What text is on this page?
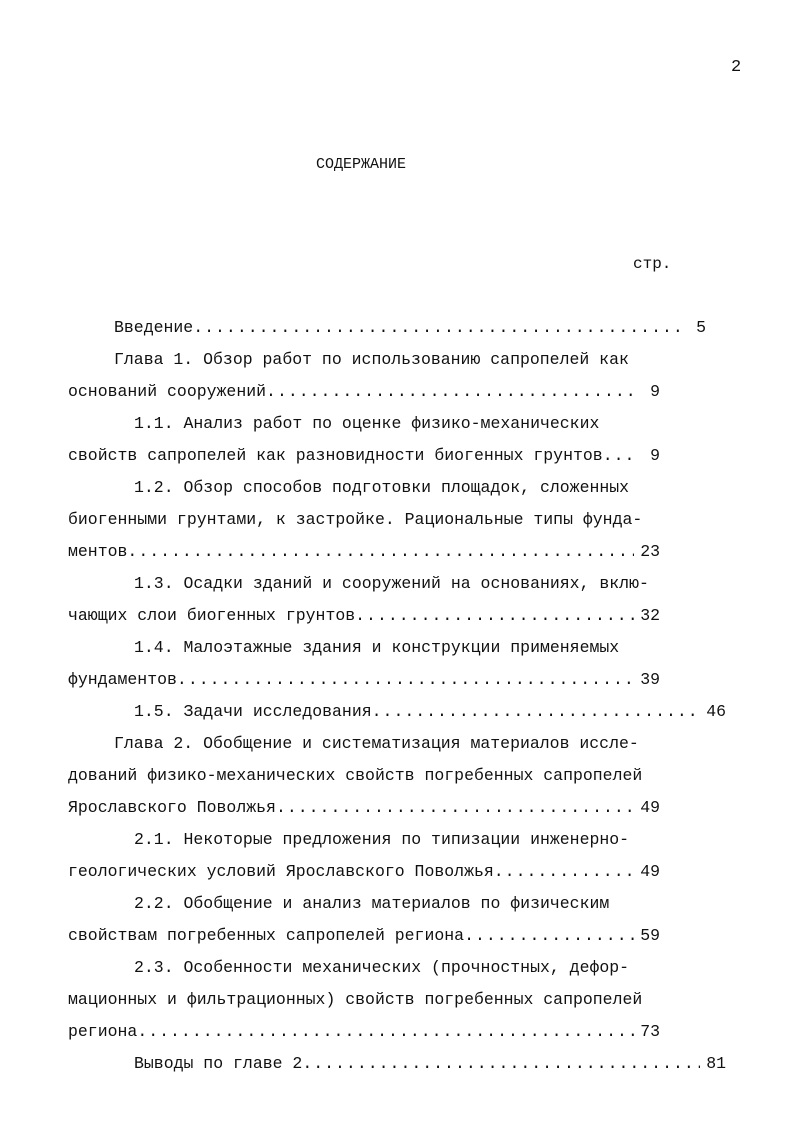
2
СОДЕРЖАНИЕ
стр.
Введение .....	5
Глава 1. Обзор работ по использованию сапропелей как
оснований сооружений .....	9
1.1. Анализ работ по оценке физико-механических
свойств сапропелей как разновидности биогенных грунтов .....	9
1.2. Обзор способов подготовки площадок, сложенных
биогенными грунтами, к застройке. Рациональные типы фунда-
ментов .....	23
1.3. Осадки зданий и сооружений на основаниях, вклю-
чающих слои биогенных грунтов .....	32
1.4. Малоэтажные здания и конструкции применяемых
фундаментов .....	39
1.5. Задачи исследования .....	46
Глава 2. Обобщение и систематизация материалов иссле-
дований физико-механических свойств погребенных сапропелей
Ярославского Поволжья .....	49
2.1. Некоторые предложения по типизации инженерно-
геологических условий Ярославского Поволжья .....	49
2.2. Обобщение и анализ материалов по физическим
свойствам погребенных сапропелей региона .....	59
2.3. Особенности механических (прочностных, дефор-
мационных и фильтрационных) свойств погребенных сапропелей
региона .....	73
Выводы по главе 2 .....	81
